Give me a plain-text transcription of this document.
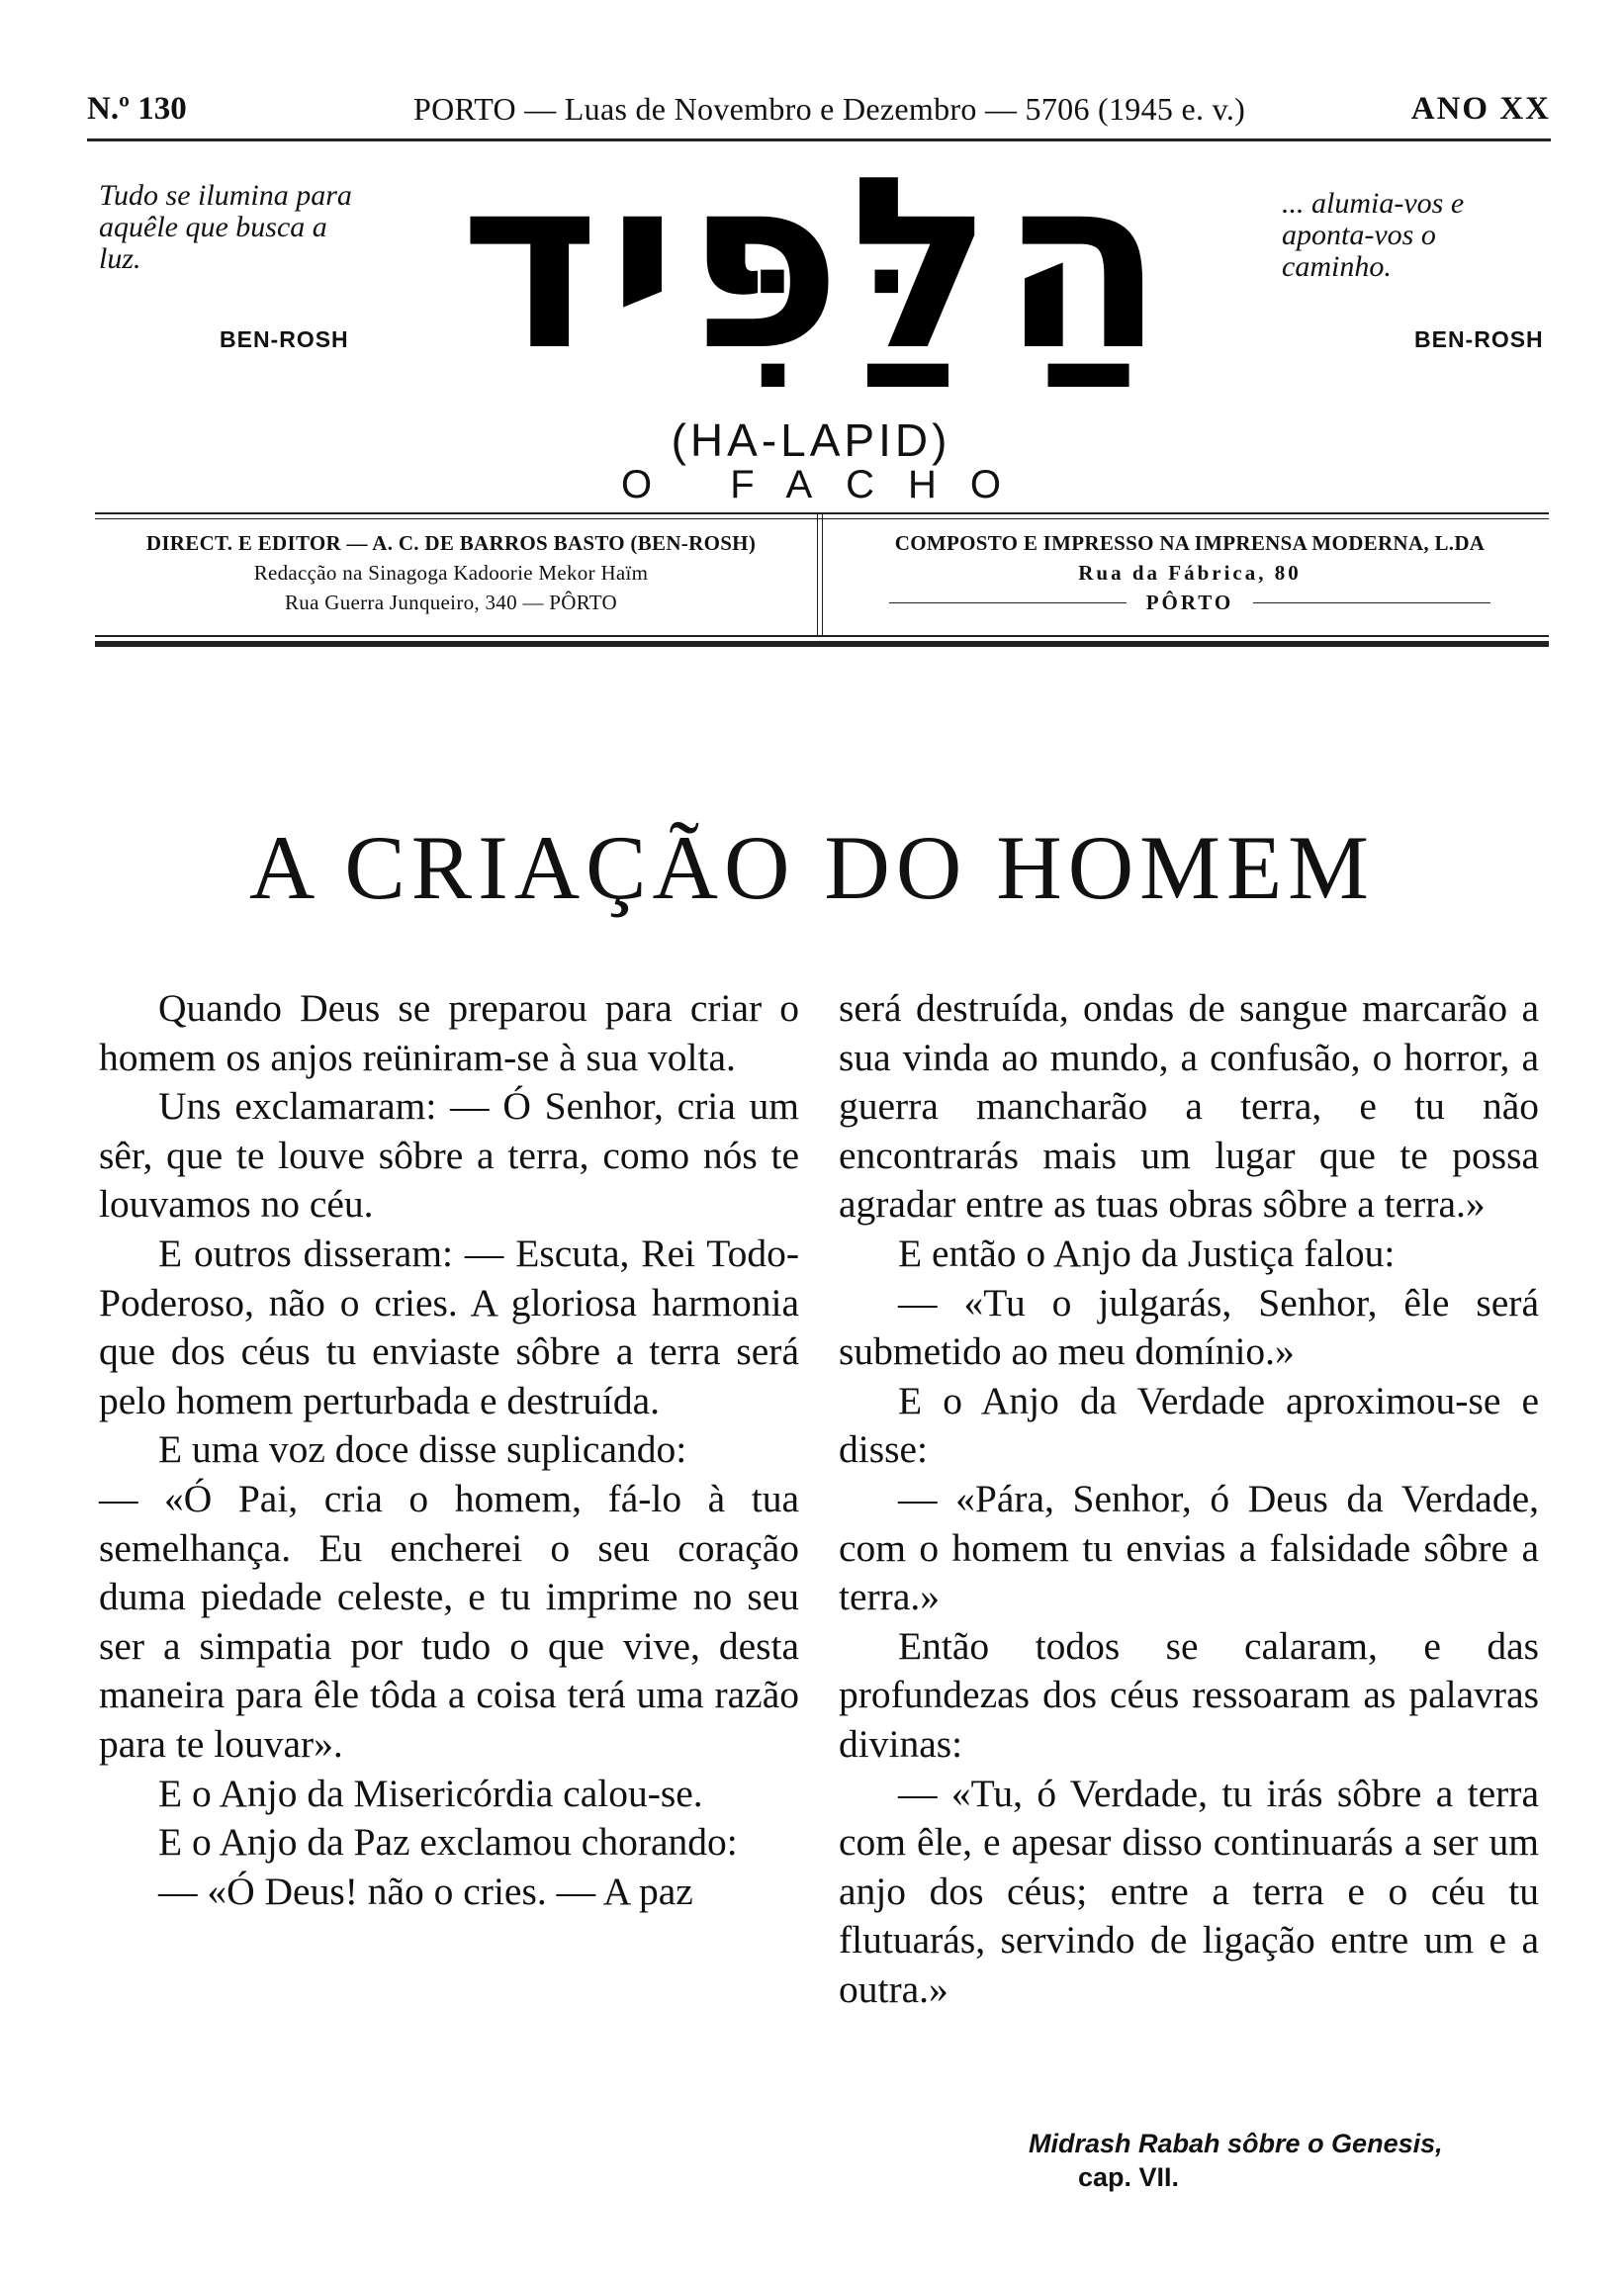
N.º 130	PORTO — Luas de Novembro e Dezembro — 5706 (1945 e. v.)	ANO XX
Tudo se ilumina para aquêle que busca a luz.
BEN-ROSH
... alumia-vos e aponta-vos o caminho.
BEN-ROSH
הַלַּפִּיד
(HA-LAPID)
O FACHO
DIRECT. E EDITOR — A. C. DE BARROS BASTO (BEN-ROSH)
Redacção na Sinagoga Kadoorie Mekor Haïm
Rua Guerra Junqueiro, 340 — PÔRTO
COMPOSTO E IMPRESSO NA IMPRENSA MODERNA, L.DA
Rua da Fábrica, 80
PÔRTO
A CRIAÇÃO DO HOMEM

Quando Deus se preparou para criar o homem os anjos reüniram-se à sua volta.

Uns exclamaram: — Ó Senhor, cria um sêr, que te louve sôbre a terra, como nós te louvamos no céu.

E outros disseram: — Escuta, Rei Todo-Poderoso, não o cries. A gloriosa harmonia que dos céus tu enviaste sôbre a terra será pelo homem perturbada e destruída.

E uma voz doce disse suplicando:

— «Ó Pai, cria o homem, fá-lo à tua semelhança. Eu encherei o seu coração duma piedade celeste, e tu imprime no seu ser a simpatia por tudo o que vive, desta maneira para êle tôda a coisa terá uma razão para te louvar».

E o Anjo da Misericórdia calou-se.

E o Anjo da Paz exclamou chorando:

— «Ó Deus! não o cries. — A paz

será destruída, ondas de sangue marcarão a sua vinda ao mundo, a confusão, o horror, a guerra mancharão a terra, e tu não encontrarás mais um lugar que te possa agradar entre as tuas obras sôbre a terra.»

E então o Anjo da Justiça falou:

— «Tu o julgarás, Senhor, êle será submetido ao meu domínio.»

E o Anjo da Verdade aproximou-se e disse:

— «Pára, Senhor, ó Deus da Verdade, com o homem tu envias a falsidade sôbre a terra.»

Então todos se calaram, e das profundezas dos céus ressoaram as palavras divinas:

— «Tu, ó Verdade, tu irás sôbre a terra com êle, e apesar disso continuarás a ser um anjo dos céus; entre a terra e o céu tu flutuarás, servindo de ligação entre um e a outra.»

Midrash Rabah sôbre o Genesis,
cap. VII.
